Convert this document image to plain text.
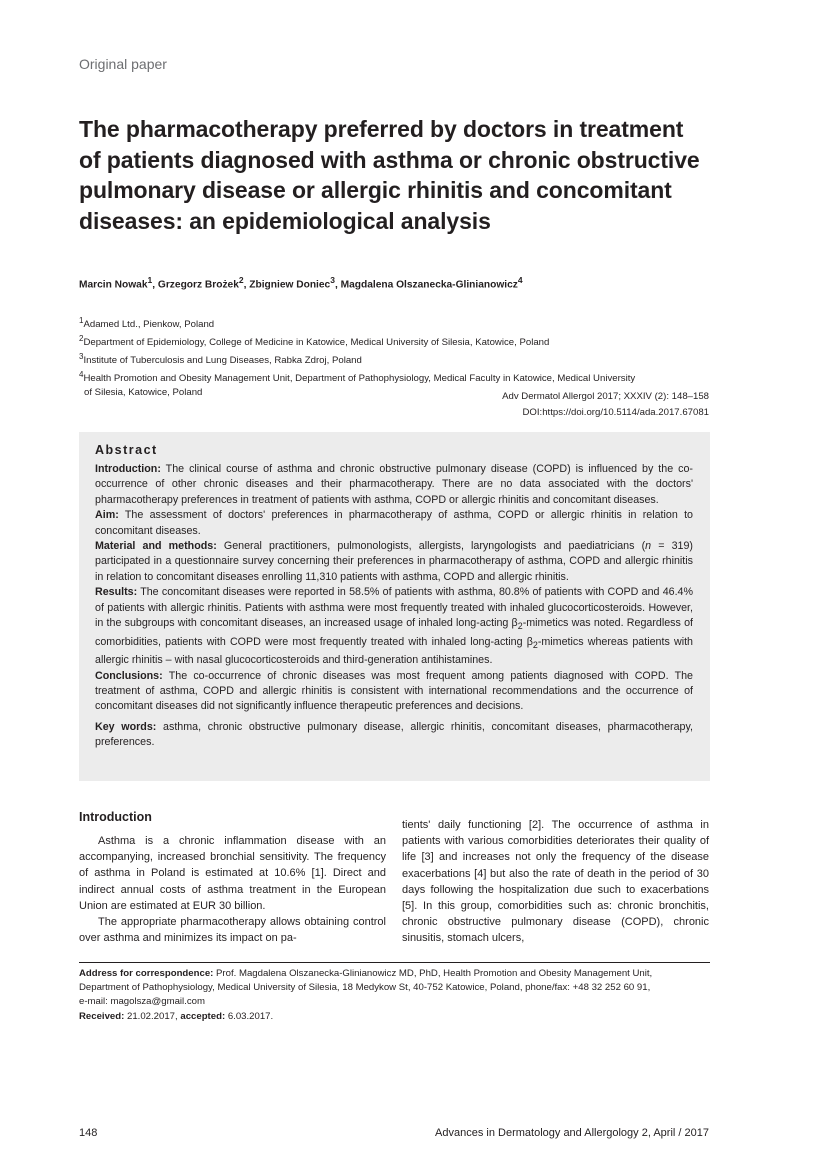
Original paper
The pharmacotherapy preferred by doctors in treatment
of patients diagnosed with asthma or chronic obstructive
pulmonary disease or allergic rhinitis and concomitant
diseases: an epidemiological analysis
Marcin Nowak$^1$, Grzegorz Brożek$^2$, Zbigniew Doniec$^3$, Magdalena Olszanecka-Glinianowicz$^4$
$^1$Adamed Ltd., Pienkow, Poland
$^2$Department of Epidemiology, College of Medicine in Katowice, Medical University of Silesia, Katowice, Poland
$^3$Institute of Tuberculosis and Lung Diseases, Rabka Zdroj, Poland
$^4$Health Promotion and Obesity Management Unit, Department of Pathophysiology, Medical Faculty in Katowice, Medical University
of Silesia, Katowice, Poland	Adv Dermatol Allergol 2017; XXXIV (2): 148–158
DOI:https://doi.org/10.5114/ada.2017.67081
Abstract

Introduction: The clinical course of asthma and chronic obstructive pulmonary disease (COPD) is influenced by the co-occurrence of other chronic diseases and their pharmacotherapy. There are no data associated with the doctors' pharmacotherapy preferences in treatment of patients with asthma, COPD or allergic rhinitis and concomitant diseases.

Aim: The assessment of doctors' preferences in pharmacotherapy of asthma, COPD or allergic rhinitis in relation to concomitant diseases.

Material and methods: General practitioners, pulmonologists, allergists, laryngologists and paediatricians (n = 319) participated in a questionnaire survey concerning their preferences in pharmacotherapy of asthma, COPD and allergic rhinitis in relation to concomitant diseases enrolling 11,310 patients with asthma, COPD and allergic rhinitis.

Results: The concomitant diseases were reported in 58.5% of patients with asthma, 80.8% of patients with COPD and 46.4% of patients with allergic rhinitis. Patients with asthma were most frequently treated with inhaled glucocorticosteroids. However, in the subgroups with concomitant diseases, an increased usage of inhaled long-acting $\beta_2$-mimetics was noted. Regardless of comorbidities, patients with COPD were most frequently treated with inhaled long-acting $\beta_2$-mimetics whereas patients with allergic rhinitis – with nasal glucocorticosteroids and third-generation antihistamines.

Conclusions: The co-occurrence of chronic diseases was most frequent among patients diagnosed with COPD. The treatment of asthma, COPD and allergic rhinitis is consistent with international recommendations and the occurrence of concomitant diseases did not significantly influence therapeutic preferences and decisions.

Key words: asthma, chronic obstructive pulmonary disease, allergic rhinitis, concomitant diseases, pharmacotherapy, preferences.

Introduction

Asthma is a chronic inflammation disease with an accompanying, increased bronchial sensitivity. The frequency of asthma in Poland is estimated at 10.6% [1]. Direct and indirect annual costs of asthma treatment in the European Union are estimated at EUR 30 billion.

The appropriate pharmacotherapy allows obtaining control over asthma and minimizes its impact on pa-

tients' daily functioning [2]. The occurrence of asthma in patients with various comorbidities deteriorates their quality of life [3] and increases not only the frequency of the disease exacerbations [4] but also the rate of death in the period of 30 days following the hospitalization due such to exacerbations [5]. In this group, comorbidities such as: chronic bronchitis, chronic obstructive pulmonary disease (COPD), chronic sinusitis, stomach ulcers,

Address for correspondence: Prof. Magdalena Olszanecka-Glinianowicz MD, PhD, Health Promotion and Obesity Management Unit,
Department of Pathophysiology, Medical University of Silesia, 18 Medykow St, 40-752 Katowice, Poland, phone/fax: +48 32 252 60 91,
e-mail: magolsza@gmail.com
Received: 21.02.2017, accepted: 6.03.2017.
148	Advances in Dermatology and Allergology 2, April / 2017
